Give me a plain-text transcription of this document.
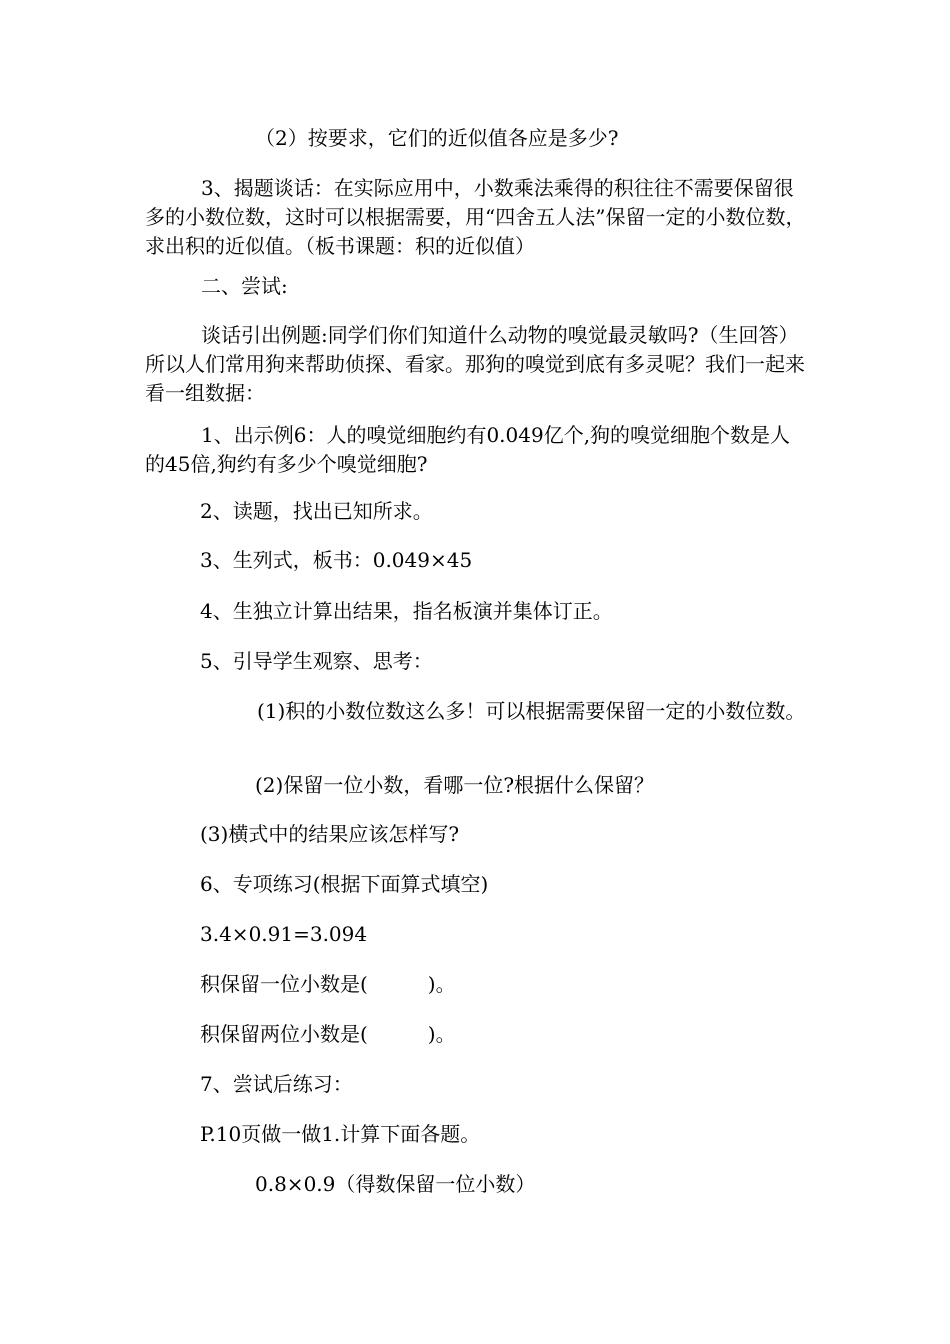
（2）按要求，它们的近似值各应是多少?

3、揭题谈话：在实际应用中，小数乘法乘得的积往往不需要保留很多的小数位数，这时可以根据需要，用“四舍五人法”保留一定的小数位数，求出积的近似值。（板书课题：积的近似值）

二、尝试:

谈话引出例题:同学们你们知道什么动物的嗅觉最灵敏吗?（生回答）所以人们常用狗来帮助侦探、看家。那狗的嗅觉到底有多灵呢？我们一起来看一组数据：

1、出示例6：人的嗅觉细胞约有0.049亿个,狗的嗅觉细胞个数是人的45倍,狗约有多少个嗅觉细胞?

2、读题，找出已知所求。

3、生列式，板书：0.049×45

4、生独立计算出结果，指名板演并集体订正。

5、引导学生观察、思考：

(1)积的小数位数这么多！可以根据需要保留一定的小数位数。

(2)保留一位小数，看哪一位?根据什么保留？

(3)横式中的结果应该怎样写?

6、专项练习(根据下面算式填空)

3.4×0.91=3.094

积保留一位小数是(　　　)。

积保留两位小数是(　　　)。

7、尝试后练习：

P.10页做一做1.计算下面各题。

0.8×0.9（得数保留一位小数）
